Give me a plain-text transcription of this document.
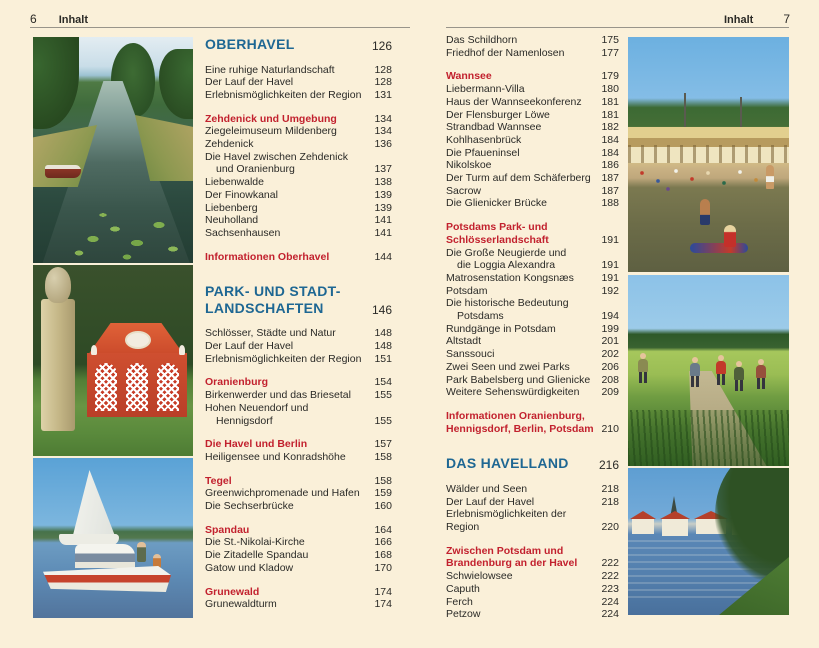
6 Inhalt	Inhalt	7
OBERHAVEL	126
Eine ruhige Naturlandschaft	128
Der Lauf der Havel	128
Erlebnismöglichkeiten der Region	131
Zehdenick und Umgebung	134
Ziegeleimuseum Mildenberg	134
Zehdenick	136
Die Havel zwischen Zehdenick
und Oranienburg	137
Liebenwalde	138
Der Finowkanal	139
Liebenberg	139
Neuholland	141
Sachsenhausen	141
Informationen Oberhavel	144
PARK- UND STADT-
LANDSCHAFTEN	146
Schlösser, Städte und Natur	148
Der Lauf der Havel	148
Erlebnismöglichkeiten der Region	151
Oranienburg	154
Birkenwerder und das Briesetal	155
Hohen Neuendorf und
Hennigsdorf	155
Die Havel und Berlin	157
Heiligensee und Konradshöhe	158
Tegel	158
Greenwichpromenade und Hafen	159
Die Sechserbrücke	160
Spandau	164
Die St.-Nikolai-Kirche	166
Die Zitadelle Spandau	168
Gatow und Kladow	170
Grunewald	174
Grunewaldturm	174
Das Schildhorn	175
Friedhof der Namenlosen	177
Wannsee	179
Liebermann-Villa	180
Haus der Wannseekonferenz	181
Der Flensburger Löwe	181
Strandbad Wannsee	182
Kohlhasenbrück	184
Die Pfaueninsel	184
Nikolskoe	186
Der Turm auf dem Schäferberg	187
Sacrow	187
Die Glienicker Brücke	188
Potsdams Park- und
Schlösserlandschaft	191
Die Große Neugierde und
die Loggia Alexandra	191
Matrosenstation Kongsnæs	191
Potsdam	192
Die historische Bedeutung
Potsdams	194
Rundgänge in Potsdam	199
Altstadt	201
Sanssouci	202
Zwei Seen und zwei Parks	206
Park Babelsberg und Glienicke	208
Weitere Sehenswürdigkeiten	209
Informationen Oranienburg,
Hennigsdorf, Berlin, Potsdam 210
DAS HAVELLAND	216
Wälder und Seen	218
Der Lauf der Havel	218
Erlebnismöglichkeiten der Region	220
Zwischen Potsdam und
Brandenburg an der Havel	222
Schwielowsee	222
Caputh	223
Ferch	224
Petzow	224
